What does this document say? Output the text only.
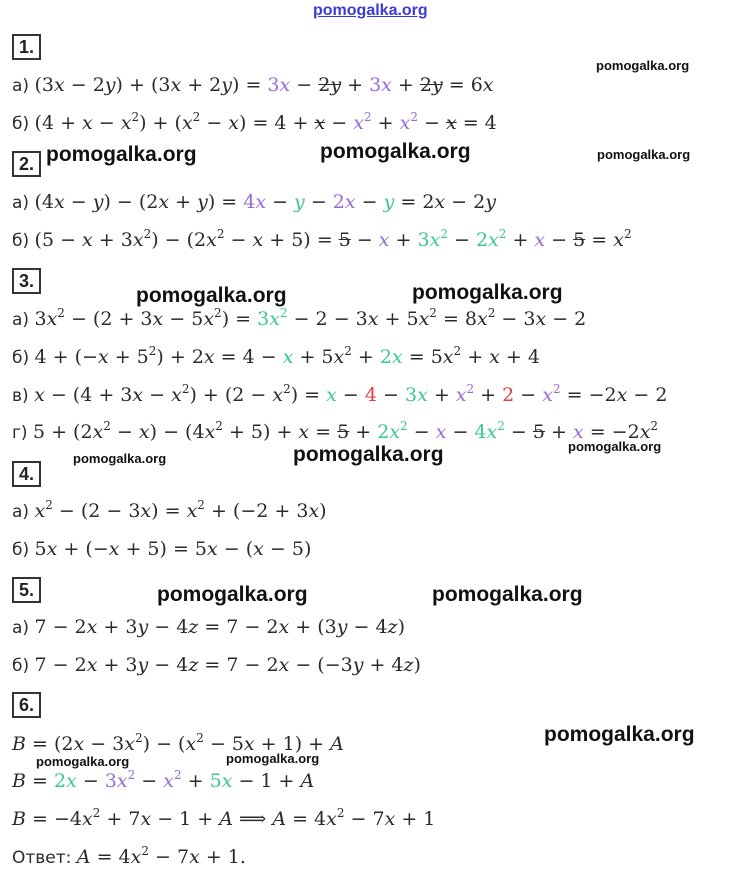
pomogalka.org
pomogalka.org
pomogalka.org	pomogalka.org	pomogalka.org
pomogalka.org	pomogalka.org
pomogalka.org	pomogalka.org	pomogalka.org
pomogalka.org	pomogalka.org
pomogalka.org
pomogalka.org	pomogalka.org
1.
2.
3.
4.
5.
6.
а) (3x − 2y) + (3x + 2y) = 3x − 2y + 3x + 2y = 6x
б) $(4 + x - x^2) + (x^2 - x) = 4 + x - x^2 + x^2 - x = 4$
а) (4x − y) − (2x + y) = 4x − y − 2x − y = 2x − 2y
б) $(5 - x + 3x^2) - (2x^2 - x + 5) = 5 - x + 3x^2 - 2x^2 + x - 5 = x^2$
а) $3x^2 - (2 + 3x - 5x^2) = 3x^2 - 2 - 3x + 5x^2 = 8x^2 - 3x - 2$
б) $4 + (-x + 5^2) + 2x = 4 - x + 5x^2 + 2x = 5x^2 + x + 4$
в) $x - (4 + 3x - x^2) + (2 - x^2) = x - 4 - 3x + x^2 + 2 - x^2 = -2x - 2$
г) $5 + (2x^2 - x) - (4x^2 + 5) + x = 5 + 2x^2 - x - 4x^2 - 5 + x = -2x^2$
а) $x^2 - (2 - 3x) = x^2 + (-2 + 3x)$
б) 5x + (−x + 5) = 5x − (x − 5)
а) 7 − 2x + 3y − 4z = 7 − 2x + (3y − 4z)
б) 7 − 2x + 3y − 4z = 7 − 2x − (−3y + 4z)
$B = (2x - 3x^2) - (x^2 - 5x + 1) + A$
$B = 2x - 3x^2 - x^2 + 5x - 1 + A$
$B = -4x^2 + 7x - 1 + A$ ⟹ $A = 4x^2 - 7x + 1$
Ответ: $A = 4x^2 - 7x + 1$.
